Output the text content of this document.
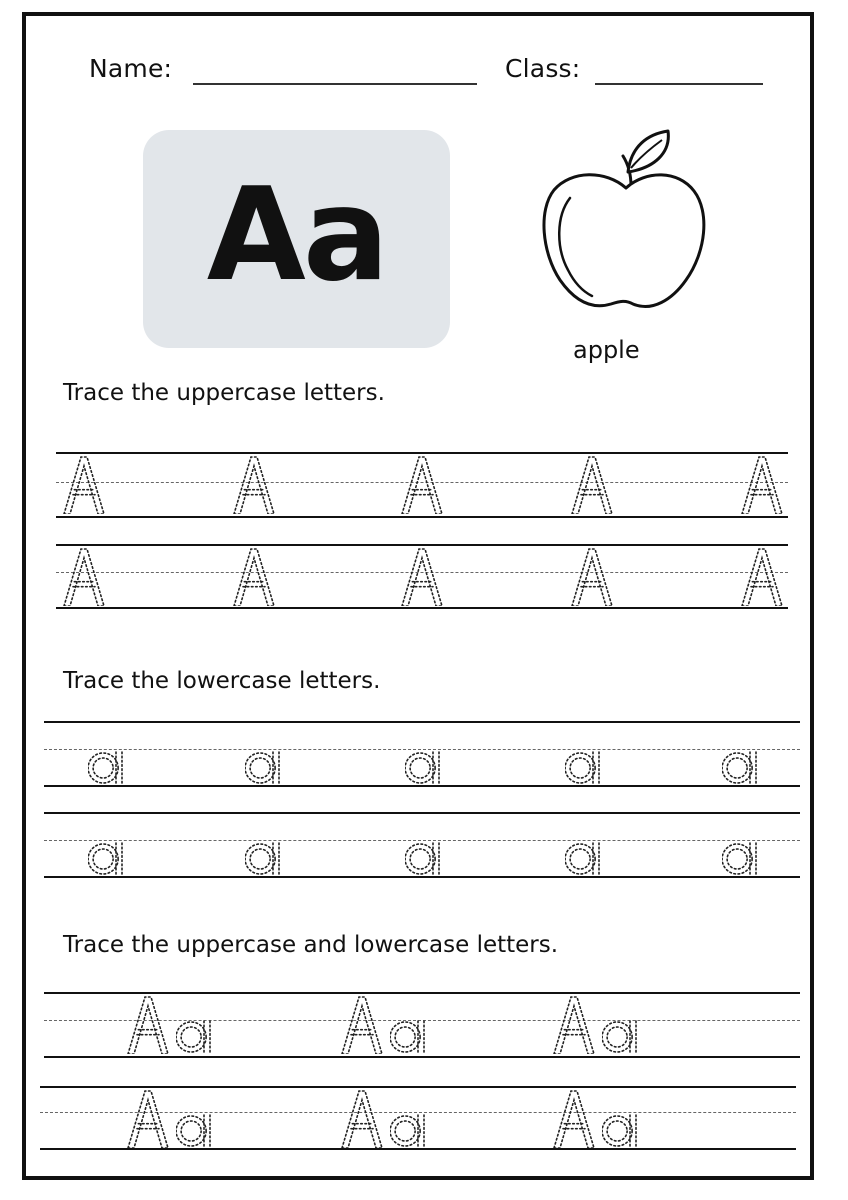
Name:	Class:
Aa
apple
Trace the uppercase letters.
Trace the lowercase letters.
Trace the uppercase and lowercase letters.
